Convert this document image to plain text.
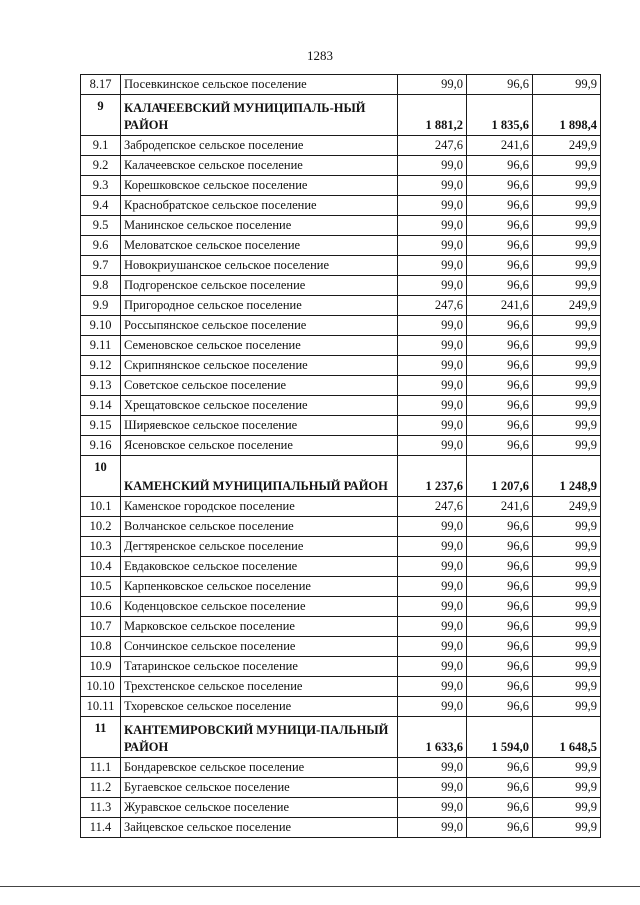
1283
8.17	Посевкинское сельское поселение	99,0	96,6	99,9
9	КАЛАЧЕЕВСКИЙ МУНИЦИПАЛЬ-НЫЙ РАЙОН	1 881,2	1 835,6	1 898,4
9.1	Забродепское сельское поселение	247,6	241,6	249,9
9.2	Калачеевское сельское поселение	99,0	96,6	99,9
9.3	Корешковское сельское поселение	99,0	96,6	99,9
9.4	Краснобратское сельское поселение	99,0	96,6	99,9
9.5	Манинское сельское поселение	99,0	96,6	99,9
9.6	Меловатское сельское поселение	99,0	96,6	99,9
9.7	Новокриушанское сельское поселение	99,0	96,6	99,9
9.8	Подгоренское сельское поселение	99,0	96,6	99,9
9.9	Пригородное сельское поселение	247,6	241,6	249,9
9.10	Россыпянское сельское поселение	99,0	96,6	99,9
9.11	Семеновское сельское поселение	99,0	96,6	99,9
9.12	Скрипнянское сельское поселение	99,0	96,6	99,9
9.13	Советское сельское поселение	99,0	96,6	99,9
9.14	Хрещатовское сельское поселение	99,0	96,6	99,9
9.15	Ширяевское сельское поселение	99,0	96,6	99,9
9.16	Ясеновское сельское поселение	99,0	96,6	99,9
10	КАМЕНСКИЙ МУНИЦИПАЛЬНЫЙ РАЙОН	1 237,6	1 207,6	1 248,9
10.1	Каменское городское поселение	247,6	241,6	249,9
10.2	Волчанское сельское поселение	99,0	96,6	99,9
10.3	Дегтяренское сельское поселение	99,0	96,6	99,9
10.4	Евдаковское сельское поселение	99,0	96,6	99,9
10.5	Карпенковское сельское поселение	99,0	96,6	99,9
10.6	Коденцовское сельское поселение	99,0	96,6	99,9
10.7	Марковское сельское поселение	99,0	96,6	99,9
10.8	Сончинское сельское поселение	99,0	96,6	99,9
10.9	Татаринское сельское поселение	99,0	96,6	99,9
10.10	Трехстенское сельское поселение	99,0	96,6	99,9
10.11	Тхоревское сельское поселение	99,0	96,6	99,9
11	КАНТЕМИРОВСКИЙ МУНИЦИ-ПАЛЬНЫЙ РАЙОН	1 633,6	1 594,0	1 648,5
11.1	Бондаревское сельское поселение	99,0	96,6	99,9
11.2	Бугаевское сельское поселение	99,0	96,6	99,9
11.3	Журавское сельское поселение	99,0	96,6	99,9
11.4	Зайцевское сельское поселение	99,0	96,6	99,9
